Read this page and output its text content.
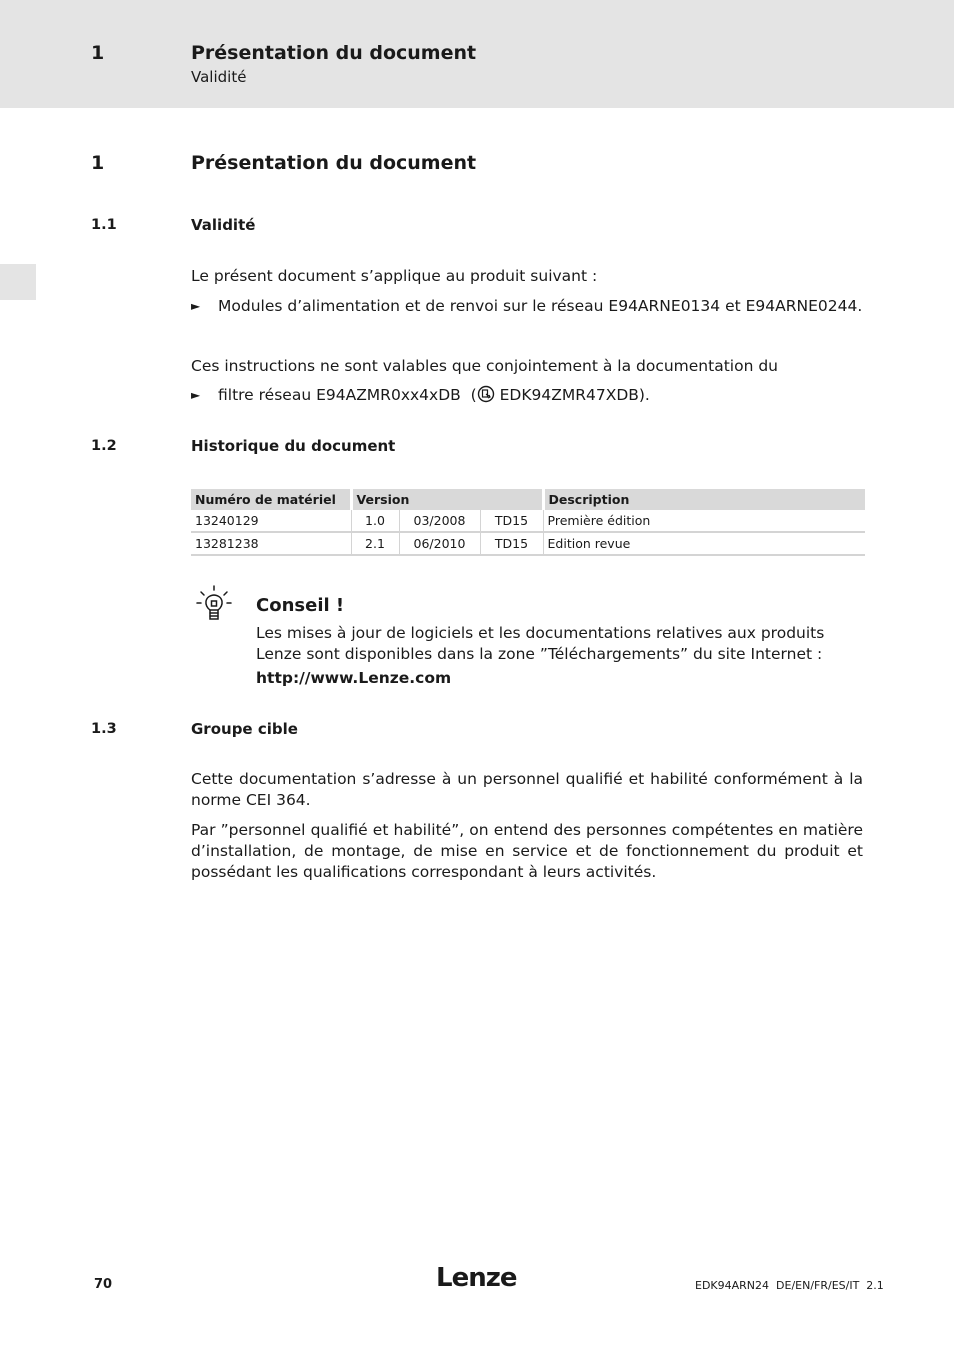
1	Présentation du document
Validité
1	Présentation du document
1.1	Validité
Le présent document s’applique au produit suivant :
► Modules d’alimentation et de renvoi sur le réseau E94ARNE0134 et E94ARNE0244.
Ces instructions ne sont valables que conjointement à la documentation du
► filtre réseau E94AZMR0xx4xDB  ( EDK94ZMR47XDB).
1.2	Historique du document
Numéro de matériel	Version			Description
13240129	1.0	03/2008	TD15	Première édition
13281238	2.1	06/2010	TD15	Edition revue
Conseil !
Les mises à jour de logiciels et les documentations relatives aux produits Lenze sont disponibles dans la zone ”Téléchargements” du site Internet :
http://www.Lenze.com
1.3	Groupe cible
Cette documentation s’adresse à un personnel qualifié et habilité conformément à la norme CEI 364.
Par ”personnel qualifié et habilité”, on entend des personnes compétentes en matière d’installation, de montage, de mise en service et de fonctionnement du produit et possédant les qualifications correspondant à leurs activités.
70	Lenze	EDK94ARN24  DE/EN/FR/ES/IT  2.1
